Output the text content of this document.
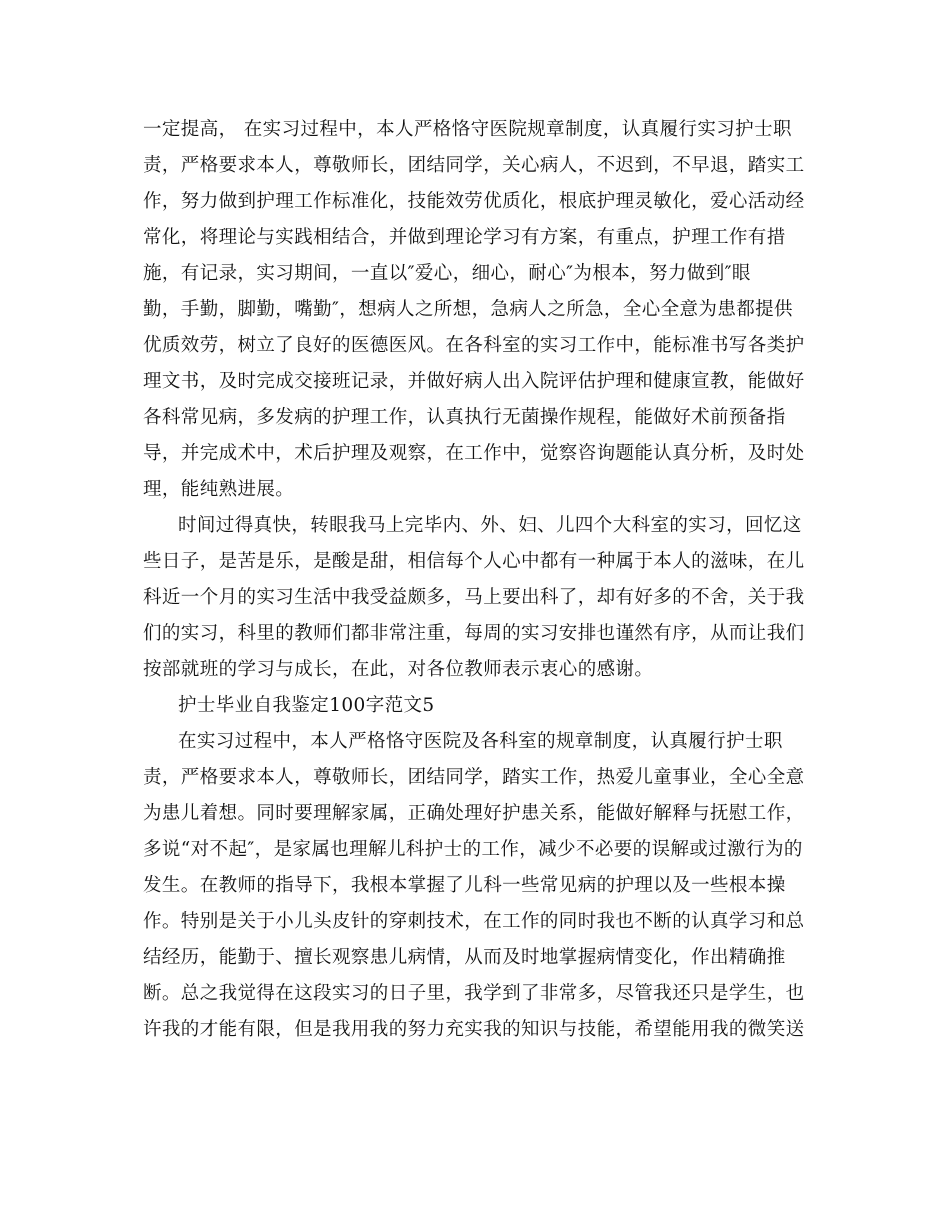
一定提高， 在实习过程中，本人严格恪守医院规章制度，认真履行实习护士职
责，严格要求本人，尊敬师长，团结同学，关心病人，不迟到，不早退，踏实工
作，努力做到护理工作标准化，技能效劳优质化，根底护理灵敏化，爱心活动经
常化，将理论与实践相结合，并做到理论学习有方案，有重点，护理工作有措
施，有记录，实习期间，一直以″爱心，细心，耐心″为根本，努力做到″眼
勤，手勤，脚勤，嘴勤″，想病人之所想，急病人之所急，全心全意为患都提供
优质效劳，树立了良好的医德医风。在各科室的实习工作中，能标准书写各类护
理文书，及时完成交接班记录，并做好病人出入院评估护理和健康宣教，能做好
各科常见病，多发病的护理工作，认真执行无菌操作规程，能做好术前预备指
导，并完成术中，术后护理及观察，在工作中，觉察咨询题能认真分析，及时处
理，能纯熟进展。
时间过得真快，转眼我马上完毕内、外、妇、儿四个大科室的实习，回忆这
些日子，是苦是乐，是酸是甜，相信每个人心中都有一种属于本人的滋味，在儿
科近一个月的实习生活中我受益颇多，马上要出科了，却有好多的不舍，关于我
们的实习，科里的教师们都非常注重，每周的实习安排也谨然有序，从而让我们
按部就班的学习与成长，在此，对各位教师表示衷心的感谢。
护士毕业自我鉴定100字范文5
在实习过程中，本人严格恪守医院及各科室的规章制度，认真履行护士职
责，严格要求本人，尊敬师长，团结同学，踏实工作，热爱儿童事业，全心全意
为患儿着想。同时要理解家属，正确处理好护患关系，能做好解释与抚慰工作，
多说“对不起″，是家属也理解儿科护士的工作，减少不必要的误解或过激行为的
发生。在教师的指导下，我根本掌握了儿科一些常见病的护理以及一些根本操
作。特别是关于小儿头皮针的穿刺技术，在工作的同时我也不断的认真学习和总
结经历，能勤于、擅长观察患儿病情，从而及时地掌握病情变化，作出精确推
断。总之我觉得在这段实习的日子里，我学到了非常多，尽管我还只是学生，也
许我的才能有限，但是我用我的努力充实我的知识与技能，希望能用我的微笑送
